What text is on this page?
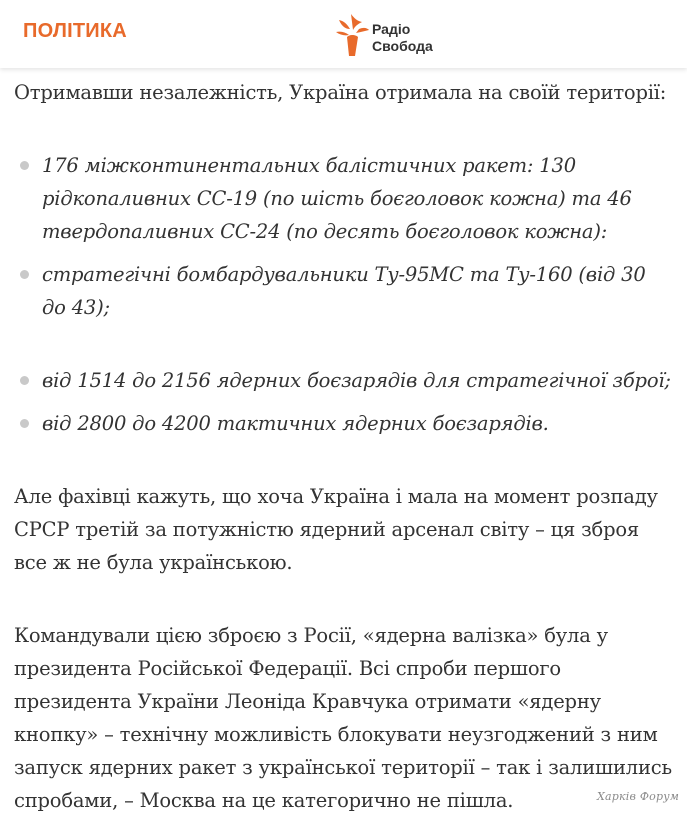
ПОЛІТИКА	Радіо
Свобода

Отримавши незалежність, Україна отримала на своїй території:

176 міжконтинентальних балістичних ракет: 130 рідкопаливних СС-19 (по шість боєголовок кожна) та 46 твердопаливних СС-24 (по десять боєголовок кожна):
стратегічні бомбардувальники Ту-95МС та Ту-160 (від 30 до 43);
від 1514 до 2156 ядерних боєзарядів для стратегічної зброї;
від 2800 до 4200 тактичних ядерних боєзарядів.

Але фахівці кажуть, що хоча Україна і мала на момент розпаду СРСР третій за потужністю ядерний арсенал світу – ця зброя все ж не була українською.

Командували цією зброєю з Росії, «ядерна валізка» була у президента Російської Федерації. Всі спроби першого президента України Леоніда Кравчука отримати «ядерну кнопку» – технічну можливість блокувати неузгоджений з ним запуск ядерних ракет з української території – так і залишились спробами, – Москва на це категорично не пішла.	Харків Форум
